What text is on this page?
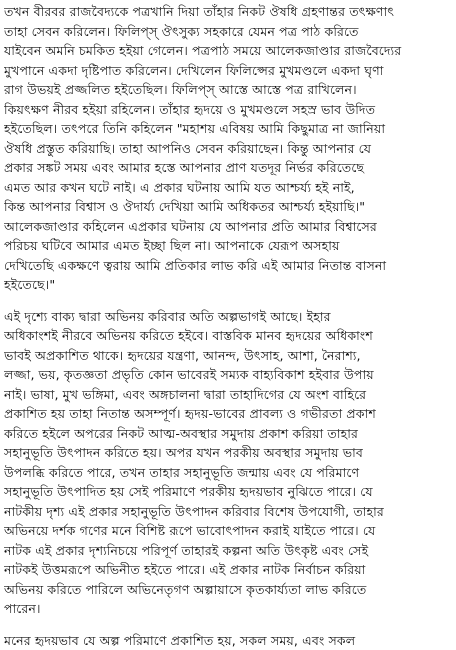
তখন বীরবর রাজবৈদ্যকে পত্রখানি দিয়া তাঁহার নিকট ঔষধি গ্রহণান্তর তৎক্ষণাৎ
তাহা সেবন করিলেন। ফিলিপ্স্ ঔৎসুক্য সহকারে যেমন পত্র পাঠ করিতে
যাইবেন অমনি চমকিত হইয়া গেলেন। পত্রপাঠ সময়ে আলেকজাণ্ডার রাজবৈদ্যের
মুখপানে একদা দৃষ্টিপাত করিলেন। দেখিলেন ফিলিপ্সের মুখমণ্ডলে একদা ঘৃণা
রাগ উভয়ই প্রজ্জলিত হইতেছিল। ফিলিপ্স্ আস্তে আস্তে পত্র রাখিলেন।
কিয়ৎক্ষণ নীরব হইয়া রহিলেন। তাঁহার হৃদয়ে ও মুখমণ্ডলে সহস্র ভাব উদিত
হইতেছিল। তৎপরে তিনি কহিলেন "মহাশয় এবিষয় আমি কিছুমাত্র না জানিয়া
ঔষধি প্রস্তুত করিয়াছি। তাহা আপনিও সেবন করিয়াছেন। কিন্তু আপনার যে
প্রকার সঙ্কট সময় এবং আমার হস্তে আপনার প্রাণ যতদূর নির্ভর করিতেছে
এমত আর কখন ঘটে নাই। এ প্রকার ঘটনায় আমি যত আশ্চর্য্য হই নাই,
কিন্ত আপনার বিশ্বাস ও ঔদার্য্য দেখিয়া আমি অধিকতর আশ্চর্য্য হইয়াছি।"
আলেকজাণ্ডার কহিলেন এপ্রকার ঘটনায় যে আপনার প্রতি আমার বিশ্বাসের
পরিচয় ঘটিবে আমার এমত ইচ্ছা ছিল না। আপনাকে যেরূপ অসহায়
দেখিতেছি একক্ষণে ত্বরায় আমি প্রতিকার লাভ করি এই আমার নিতান্ত বাসনা
হইতেছে।"
এই দৃশ্যে বাক্য দ্বারা অভিনয় করিবার অতি অল্পভাগই আছে। ইহার
অধিকাংশই নীরবে অভিনয় করিতে হইবে। বাস্তবিক মানব হৃদয়ের অধিকাংশ
ভাবই অপ্রকাশিত থাকে। হৃদয়ের যন্ত্রণা, আনন্দ, উৎসাহ, আশা, নৈরাশ্য,
লজ্জা, ভয়, কৃতজ্ঞতা প্রভৃতি কোন ভাবেরই সম্যক বাহ্যবিকাশ হইবার উপায়
নাই। ভাষা, মুখ ভঙ্গিমা, এবং অঙ্গচালনা দ্বারা তাহাদিগের যে অংশ বাহিরে
প্রকাশিত হয় তাহা নিতান্ত অসম্পূর্ণ। হৃদয়-ভাবের প্রাবল্য ও গভীরতা প্রকাশ
করিতে হইলে অপরের নিকট আত্ম-অবস্থার সমুদায় প্রকাশ করিয়া তাহার
সহানুভূতি উৎপাদন করিতে হয়। অপর যখন পরকীয় অবস্থার সমুদায় ভাব
উপলব্ধি করিতে পারে, তখন তাহার সহানুভূতি জন্মায় এবং যে পরিমাণে
সহানুভূতি উৎপাদিত হয় সেই পরিমাণে পরকীয় হৃদয়ভাব নুঝিতে পারে। যে
নাটকীয় দৃশ্য এই প্রকার সহানুভূতি উৎপাদন করিবার বিশেষ উপযোগী, তাহার
অভিনয়ে দর্শক গণের মনে বিশিষ্ট রূপে ভাবোৎপাদন করাই যাইতে পারে। যে
নাটক এই প্রকার দৃশ্যনিচয়ে পরিপূর্ণ তাহারই কল্পনা অতি উৎকৃষ্ট এবং সেই
নাটকই উত্তমরূপে অভিনীত হইতে পারে। এই প্রকার নাটক নির্বাচন করিয়া
অভিনয় করিতে পারিলে অভিনেতৃগণ অল্পায়াসে কৃতকার্য্যতা লাভ করিতে
পারেন।
মনের হৃদয়ভাব যে অল্প পরিমাণে প্রকাশিত হয়, সকল সময়, এবং সকল
